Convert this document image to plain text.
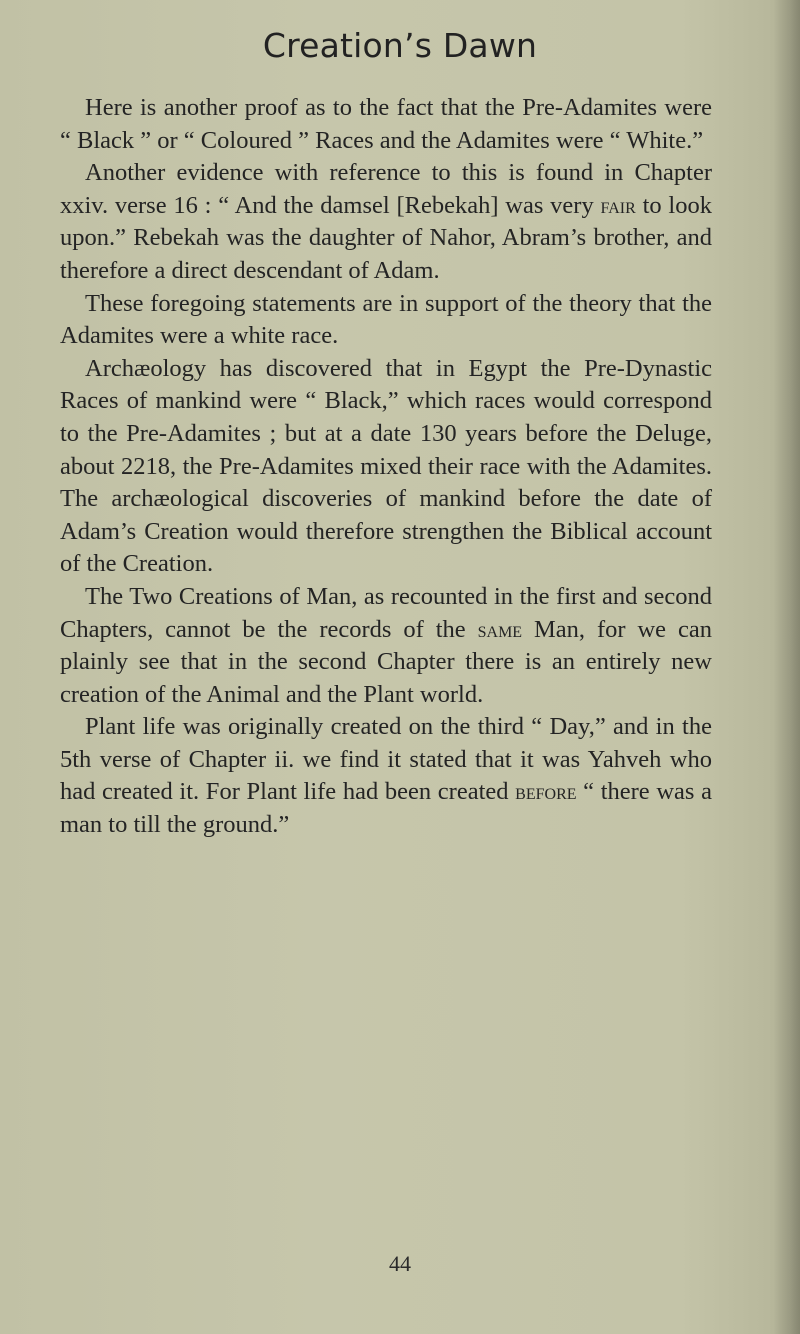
Creation’s Dawn

Here is another proof as to the fact that the Pre-Adamites were “ Black ” or “ Coloured ” Races and the Adamites were “ White.”

Another evidence with reference to this is found in Chapter xxiv. verse 16 : “ And the damsel [Rebekah] was very fair to look upon.” Rebekah was the daughter of Nahor, Abram’s brother, and therefore a direct descendant of Adam.

These foregoing statements are in support of the theory that the Adamites were a white race.

Archæology has discovered that in Egypt the Pre-Dynastic Races of mankind were “ Black,” which races would correspond to the Pre-Adamites ; but at a date 130 years before the Deluge, about 2218, the Pre-Adamites mixed their race with the Adamites. The archæological discoveries of mankind before the date of Adam’s Creation would therefore strengthen the Biblical account of the Creation.

The Two Creations of Man, as recounted in the first and second Chapters, cannot be the records of the same Man, for we can plainly see that in the second Chapter there is an entirely new creation of the Animal and the Plant world.

Plant life was originally created on the third “ Day,” and in the 5th verse of Chapter ii. we find it stated that it was Yahveh who had created it. For Plant life had been created before “ there was a man to till the ground.”

44
